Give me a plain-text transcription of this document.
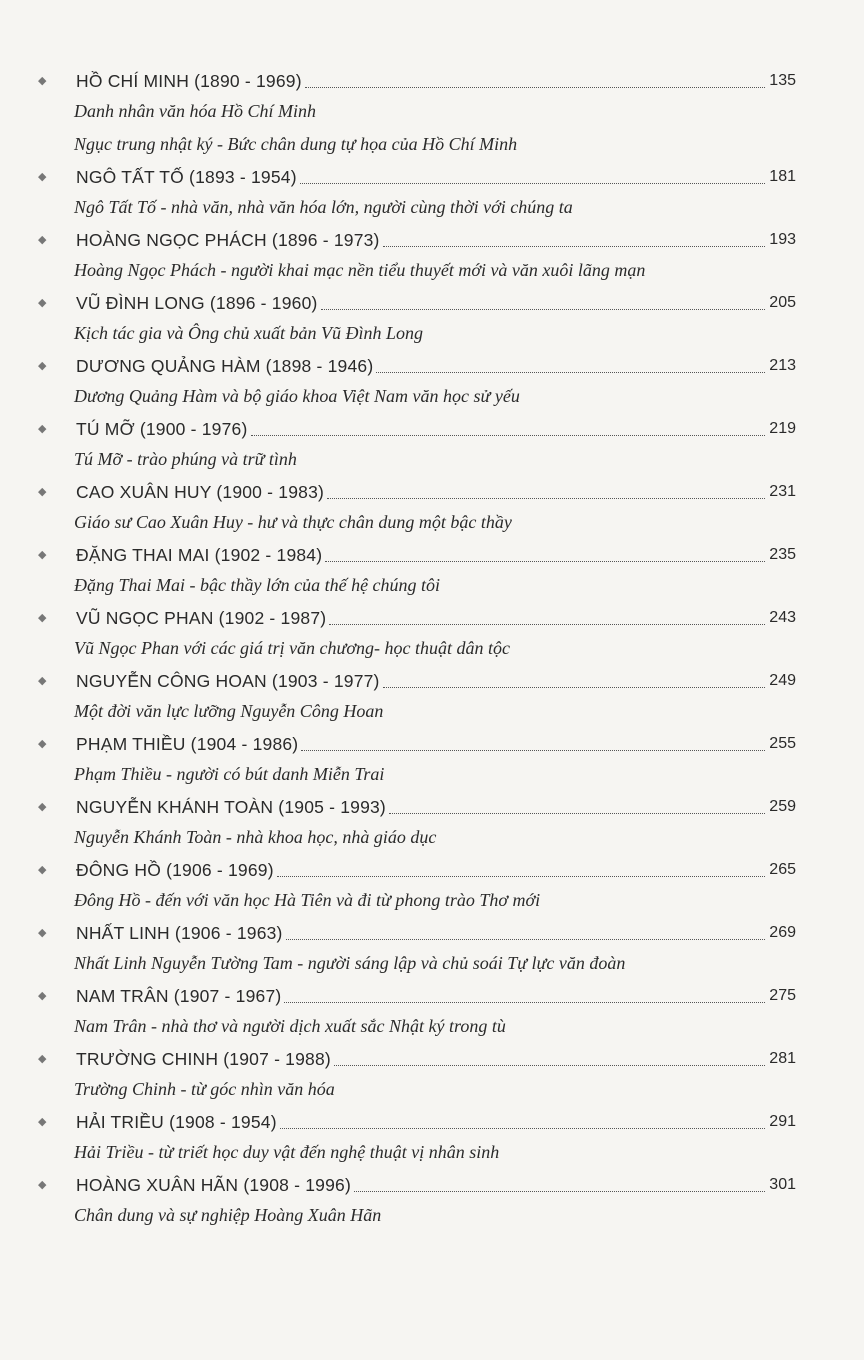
◆	HỒ CHÍ MINH (1890 - 1969)	135
Danh nhân văn hóa Hồ Chí Minh
Ngục trung nhật ký - Bức chân dung tự họa của Hồ Chí Minh
◆	NGÔ TẤT TỐ (1893 - 1954)	181
Ngô Tất Tố - nhà văn, nhà văn hóa lớn, người cùng thời với chúng ta
◆	HOÀNG NGỌC PHÁCH (1896 - 1973)	193
Hoàng Ngọc Phách - người khai mạc nền tiểu thuyết mới và văn xuôi lãng mạn
◆	VŨ ĐÌNH LONG (1896 - 1960)	205
Kịch tác gia và Ông chủ xuất bản Vũ Đình Long
◆	DƯƠNG QUẢNG HÀM (1898 - 1946)	213
Dương Quảng Hàm và bộ giáo khoa Việt Nam văn học sử yếu
◆	TÚ MỠ (1900 - 1976)	219
Tú Mỡ - trào phúng và trữ tình
◆	CAO XUÂN HUY (1900 - 1983)	231
Giáo sư Cao Xuân Huy - hư và thực chân dung một bậc thầy
◆	ĐẶNG THAI MAI (1902 - 1984)	235
Đặng Thai Mai - bậc thầy lớn của thế hệ chúng tôi
◆	VŨ NGỌC PHAN (1902 - 1987)	243
Vũ Ngọc Phan với các giá trị văn chương- học thuật dân tộc
◆	NGUYỄN CÔNG HOAN (1903 - 1977)	249
Một đời văn lực lưỡng Nguyễn Công Hoan
◆	PHẠM THIỀU (1904 - 1986)	255
Phạm Thiều - người có bút danh Miễn Trai
◆	NGUYỄN KHÁNH TOÀN (1905 - 1993)	259
Nguyễn Khánh Toàn - nhà khoa học, nhà giáo dục
◆	ĐÔNG HỒ (1906 - 1969)	265
Đông Hồ - đến với văn học Hà Tiên và đi từ phong trào Thơ mới
◆	NHẤT LINH (1906 - 1963)	269
Nhất Linh Nguyễn Tường Tam - người sáng lập và chủ soái Tự lực văn đoàn
◆	NAM TRÂN (1907 - 1967)	275
Nam Trân - nhà thơ và người dịch xuất sắc Nhật ký trong tù
◆	TRƯỜNG CHINH (1907 - 1988)	281
Trường Chinh - từ góc nhìn văn hóa
◆	HẢI TRIỀU (1908 - 1954)	291
Hải Triều - từ triết học duy vật đến nghệ thuật vị nhân sinh
◆	HOÀNG XUÂN HÃN (1908 - 1996)	301
Chân dung và sự nghiệp Hoàng Xuân Hãn
